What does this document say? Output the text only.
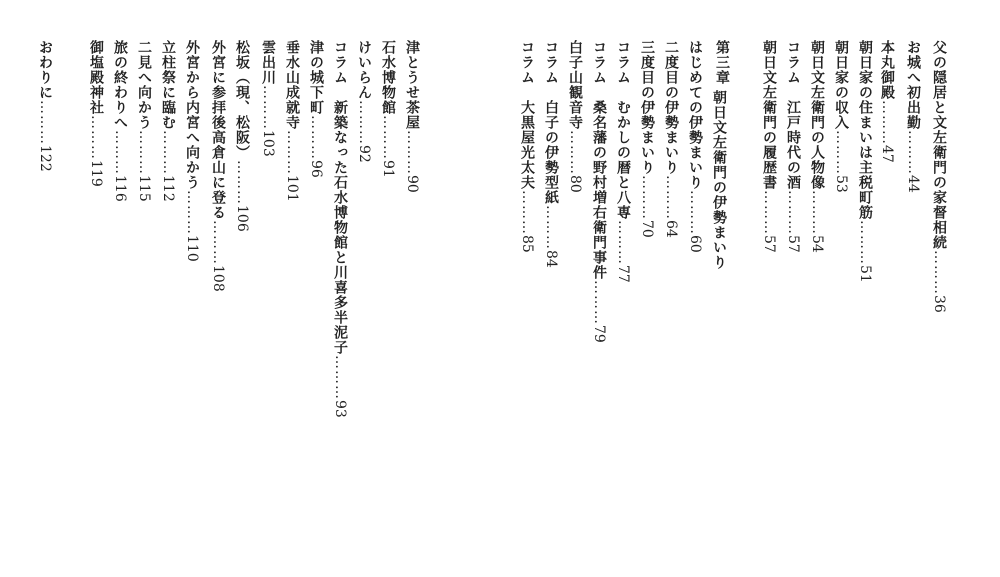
第三章	父の隠居と文左衛門の家督相続………36
お城へ初出勤………44
本丸御殿………47
朝日家の住まいは主税町筋………51
朝日家の収入………53
朝日文左衛門の人物像………54
コラム　江戸時代の酒………57
朝日文左衛門の履歴書………57
朝日文左衛門の伊勢まいり
はじめての伊勢まいり………60
二度目の伊勢まいり………64
三度目の伊勢まいり………70
コラム　むかしの暦と八専………77
コラム　桑名藩の野村増右衛門事件………79
白子山観音寺………80
コラム　白子の伊勢型紙………84
コラム　大黒屋光太夫………85
津とうせ茶屋………90
石水博物館………91
けいらん………92
コラム　新築なった石水博物館と川喜多半泥子………93
津の城下町………96
垂水山成就寺………101
雲出川………103
松坂（現、松阪）………106
外宮に参拝後高倉山に登る………108
外宮から内宮へ向かう………110
立柱祭に臨む………112
二見へ向かう………115
旅の終わりへ………116
御塩殿神社………119
おわりに………122
